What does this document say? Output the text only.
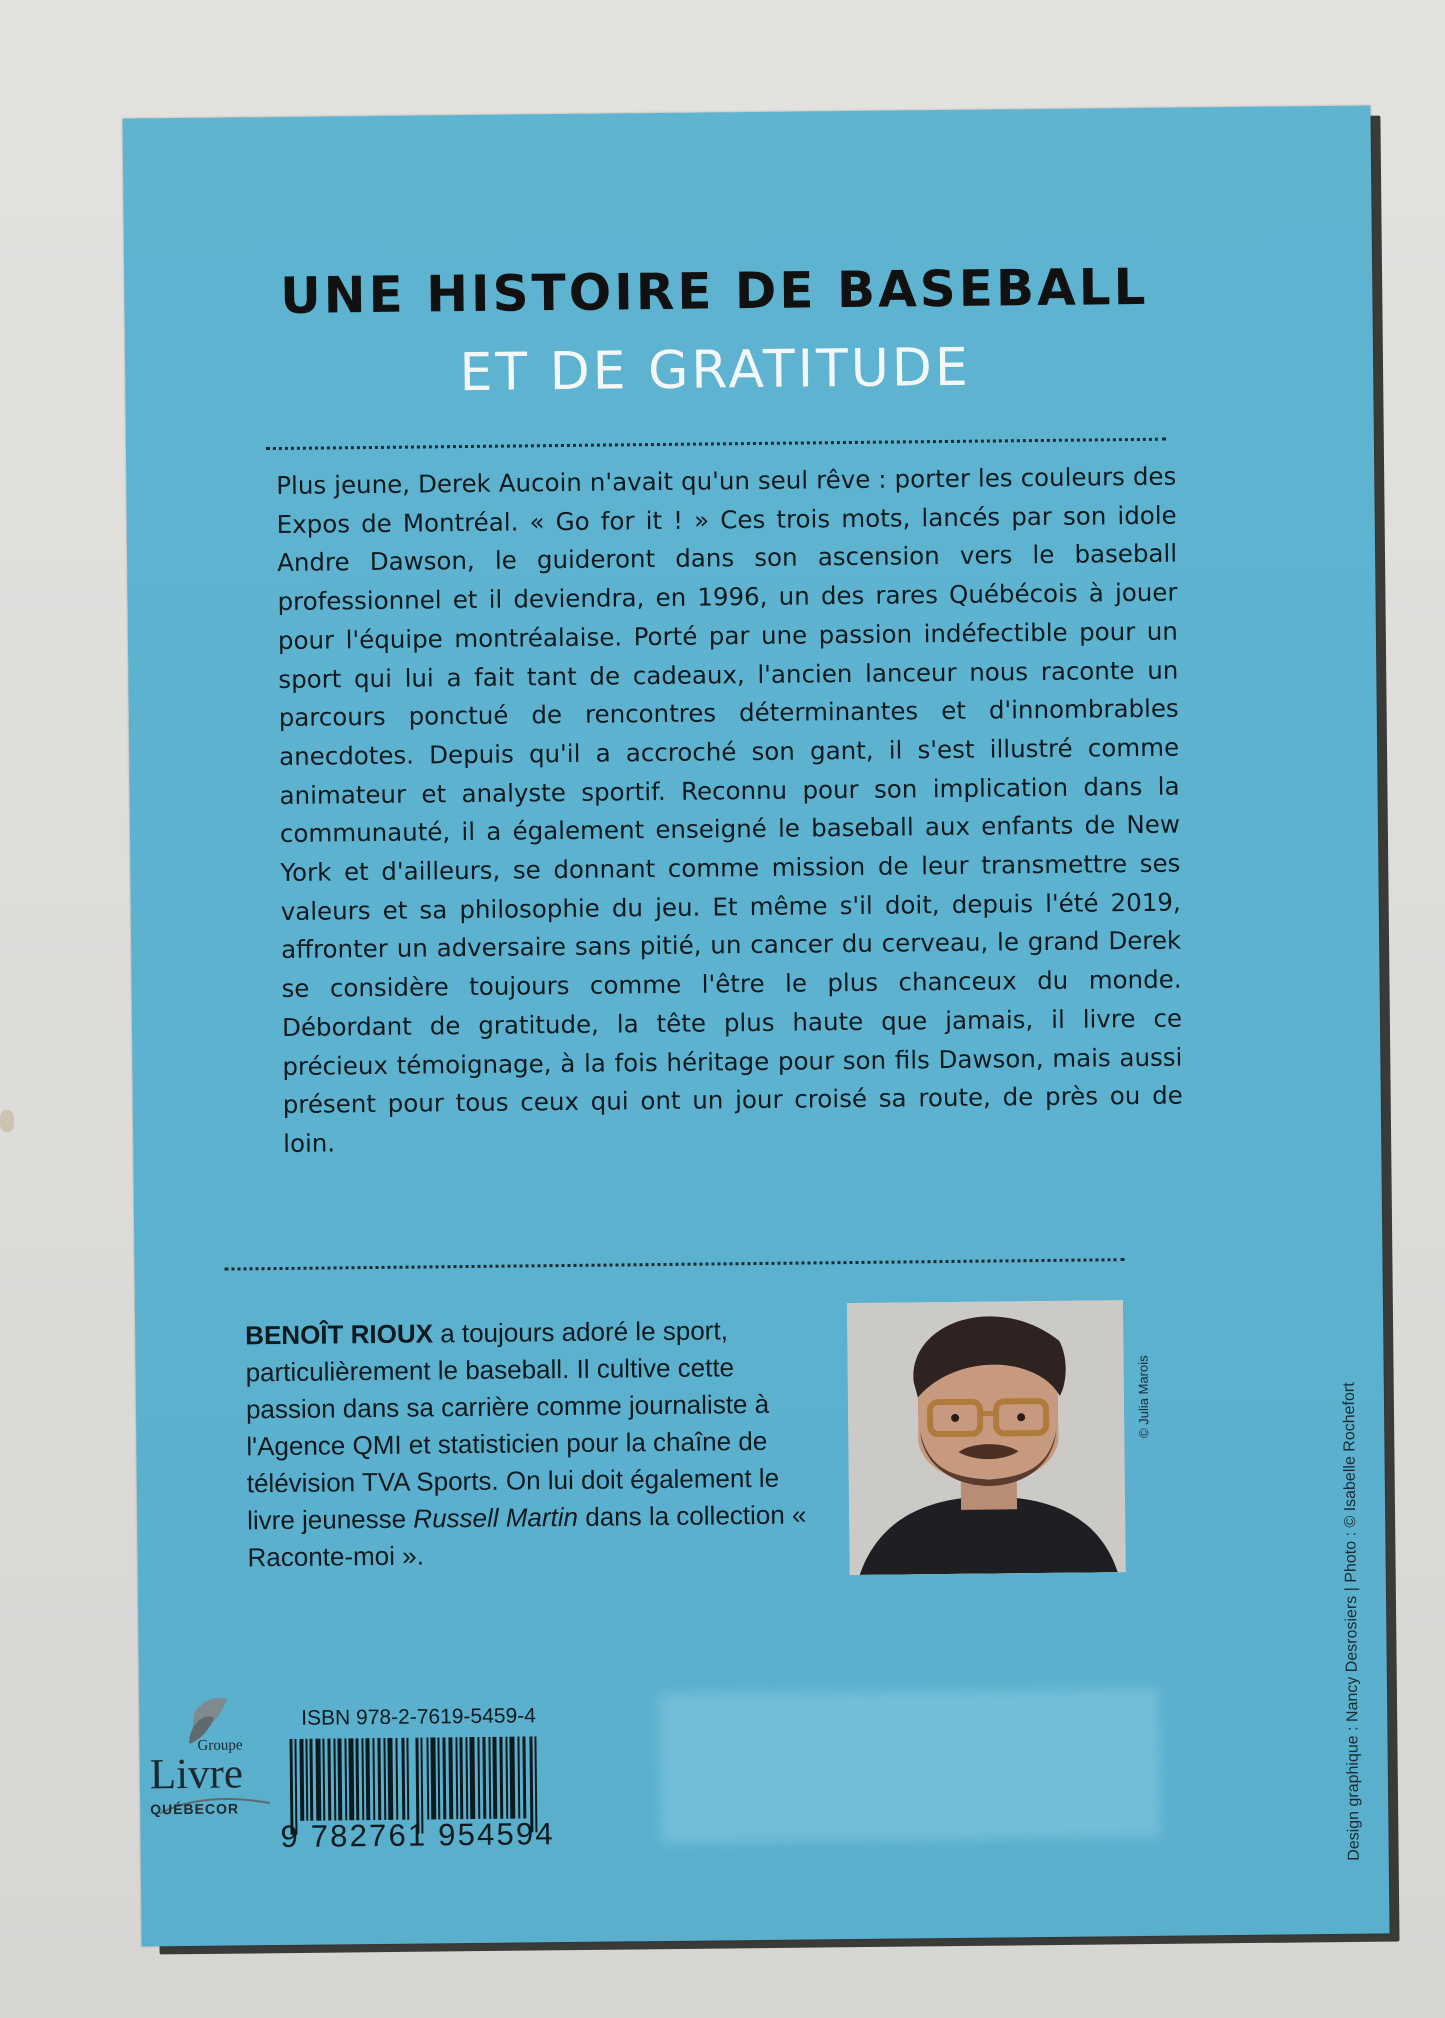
UNE HISTOIRE DE BASEBALL
ET DE GRATITUDE
Plus jeune, Derek Aucoin n'avait qu'un seul rêve : porter les couleurs des Expos de Montréal. « Go for it ! » Ces trois mots, lancés par son idole Andre Dawson, le guideront dans son ascension vers le baseball professionnel et il deviendra, en 1996, un des rares Québécois à jouer pour l'équipe montréalaise. Porté par une passion indéfectible pour un sport qui lui a fait tant de cadeaux, l'ancien lanceur nous raconte un parcours ponctué de rencontres déterminantes et d'innombrables anecdotes. Depuis qu'il a accroché son gant, il s'est illustré comme animateur et analyste sportif. Reconnu pour son implication dans la communauté, il a également enseigné le baseball aux enfants de New York et d'ailleurs, se donnant comme mission de leur transmettre ses valeurs et sa philosophie du jeu. Et même s'il doit, depuis l'été 2019, affronter un adversaire sans pitié, un cancer du cerveau, le grand Derek se considère toujours comme l'être le plus chanceux du monde. Débordant de gratitude, la tête plus haute que jamais, il livre ce précieux témoignage, à la fois héritage pour son fils Dawson, mais aussi présent pour tous ceux qui ont un jour croisé sa route, de près ou de loin.
BENOÎT RIOUX a toujours adoré le sport, particulièrement le baseball. Il cultive cette passion dans sa carrière comme journaliste à l'Agence QMI et statisticien pour la chaîne de télévision TVA Sports. On lui doit également le livre jeunesse Russell Martin dans la collection « Raconte-moi ».
© Julia Marois	Design graphique : Nancy Desrosiers | Photo : © Isabelle Rochefort
Groupe
Livre
QUÉBECOR
ISBN 978-2-7619-5459-4
9 782761 954594
